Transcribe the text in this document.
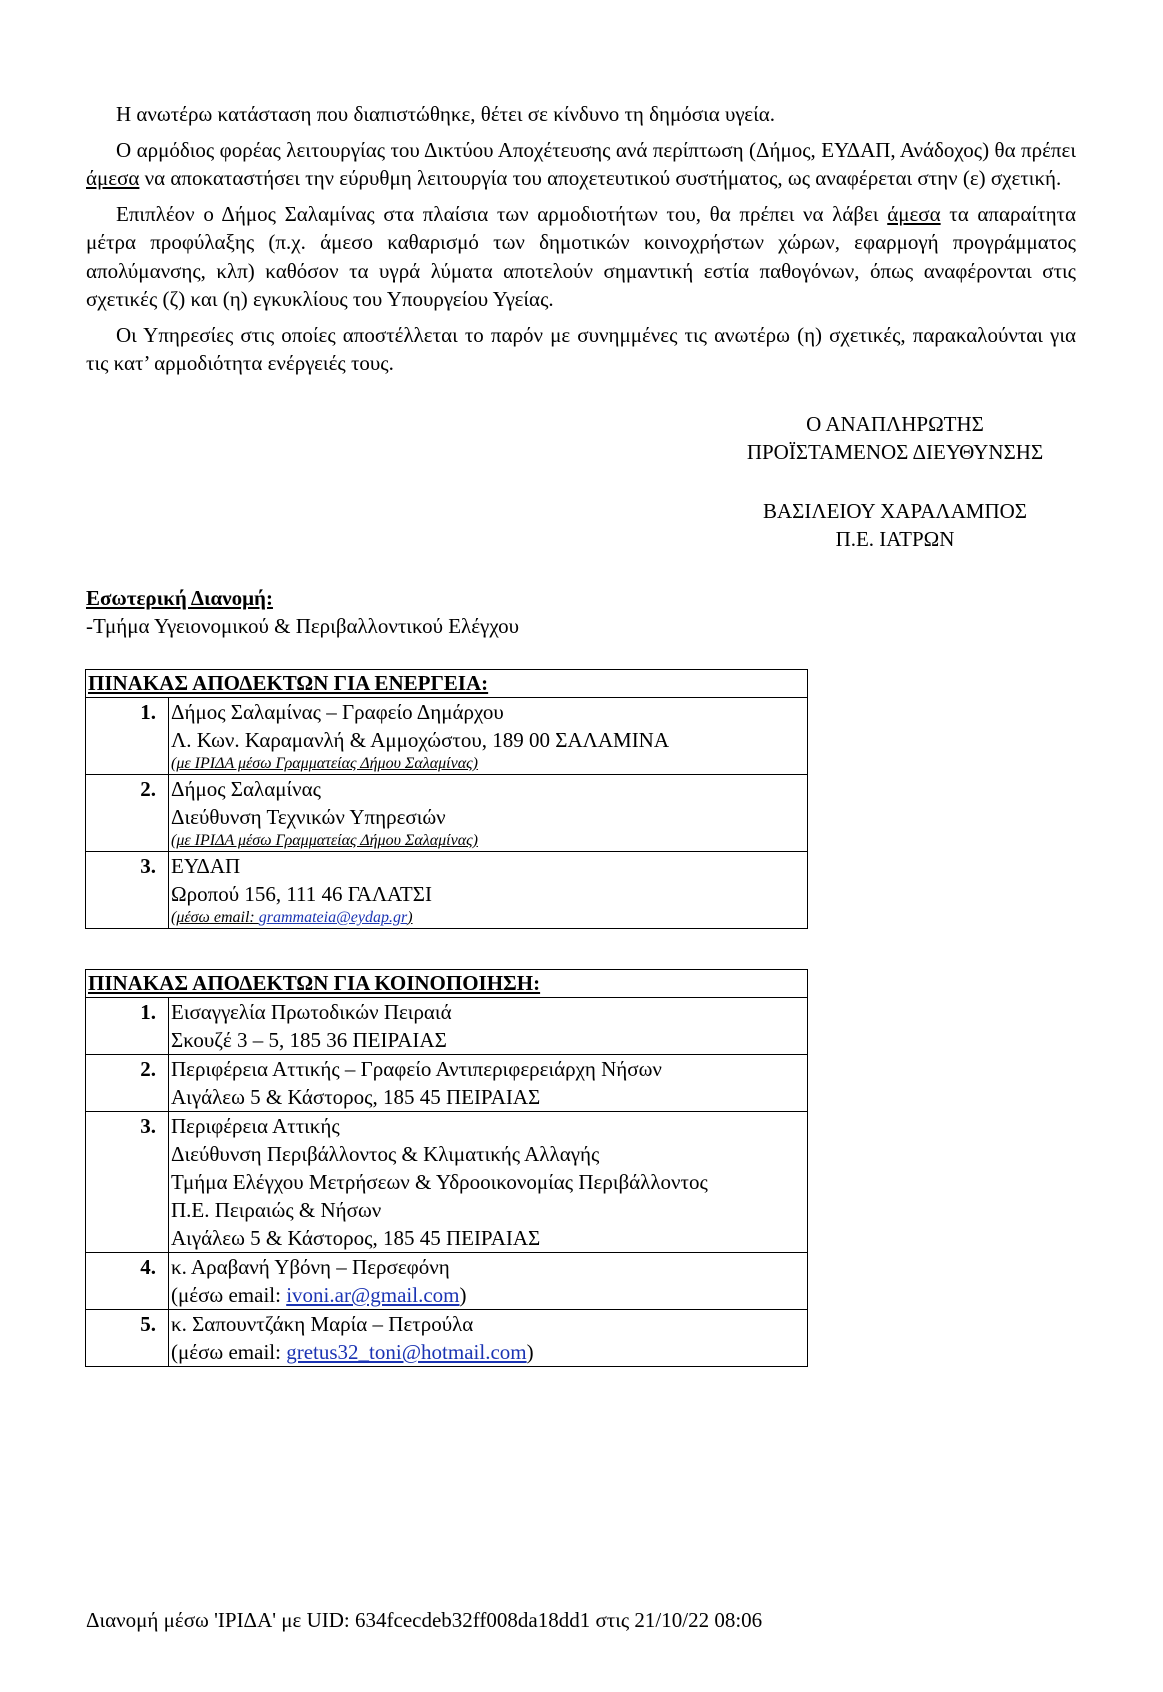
Η ανωτέρω κατάσταση που διαπιστώθηκε, θέτει σε κίνδυνο τη δημόσια υγεία.

Ο αρμόδιος φορέας λειτουργίας του Δικτύου Αποχέτευσης ανά περίπτωση (Δήμος, ΕΥΔΑΠ, Ανάδοχος) θα πρέπει άμεσα να αποκαταστήσει την εύρυθμη λειτουργία του αποχετευτικού συστήματος, ως αναφέρεται στην (ε) σχετική.

Επιπλέον ο Δήμος Σαλαμίνας στα πλαίσια των αρμοδιοτήτων του, θα πρέπει να λάβει άμεσα τα απαραίτητα μέτρα προφύλαξης (π.χ. άμεσο καθαρισμό των δημοτικών κοινοχρήστων χώρων, εφαρμογή προγράμματος απολύμανσης, κλπ) καθόσον τα υγρά λύματα αποτελούν σημαντική εστία παθογόνων, όπως αναφέρονται στις σχετικές (ζ) και (η) εγκυκλίους του Υπουργείου Υγείας.

Οι Υπηρεσίες στις οποίες αποστέλλεται το παρόν με συνημμένες τις ανωτέρω (η) σχετικές, παρακαλούνται για τις κατ’ αρμοδιότητα ενέργειές τους.

Ο ΑΝΑΠΛΗΡΩΤΗΣ
ΠΡΟΪΣΤΑΜΕΝΟΣ ΔΙΕΥΘΥΝΣΗΣ
ΒΑΣΙΛΕΙΟΥ ΧΑΡΑΛΑΜΠΟΣ
Π.Ε. ΙΑΤΡΩΝ
Εσωτερική Διανομή:
-Τμήμα Υγειονομικού & Περιβαλλοντικού Ελέγχου
ΠΙΝΑΚΑΣ ΑΠΟΔΕΚΤΩΝ ΓΙΑ ΕΝΕΡΓΕΙΑ:	
1.	Δήμος Σαλαμίνας – Γραφείο Δημάρχου
Λ. Κων. Καραμανλή & Αμμοχώστου, 189 00 ΣΑΛΑΜΙΝΑ
(με ΙΡΙΔΑ μέσω Γραμματείας Δήμου Σαλαμίνας)

2.	Δήμος Σαλαμίνας
Διεύθυνση Τεχνικών Υπηρεσιών
(με ΙΡΙΔΑ μέσω Γραμματείας Δήμου Σαλαμίνας)

3.	ΕΥΔΑΠ
Ωροπού 156, 111 46 ΓΑΛΑΤΣΙ
(μέσω email: grammateia@eydap.gr)
ΠΙΝΑΚΑΣ ΑΠΟΔΕΚΤΩΝ ΓΙΑ ΚΟΙΝΟΠΟΙΗΣΗ:	
1.	Εισαγγελία Πρωτοδικών Πειραιά
Σκουζέ 3 – 5, 185 36 ΠΕΙΡΑΙΑΣ

2.	Περιφέρεια Αττικής – Γραφείο Αντιπεριφερειάρχη Νήσων
Αιγάλεω 5 & Κάστορος, 185 45 ΠΕΙΡΑΙΑΣ

3.	Περιφέρεια Αττικής
Διεύθυνση Περιβάλλοντος & Κλιματικής Αλλαγής
Τμήμα Ελέγχου Μετρήσεων & Υδροοικονομίας Περιβάλλοντος
Π.Ε. Πειραιώς & Νήσων
Αιγάλεω 5 & Κάστορος, 185 45 ΠΕΙΡΑΙΑΣ

4.	κ. Αραβανή Υβόνη – Περσεφόνη
(μέσω email: ivoni.ar@gmail.com)

5.	κ. Σαπουντζάκη Μαρία – Πετρούλα
(μέσω email: gretus32_toni@hotmail.com)
Διανομή μέσω 'ΙΡΙΔΑ' με UID: 634fcecdeb32ff008da18dd1 στις 21/10/22 08:06
